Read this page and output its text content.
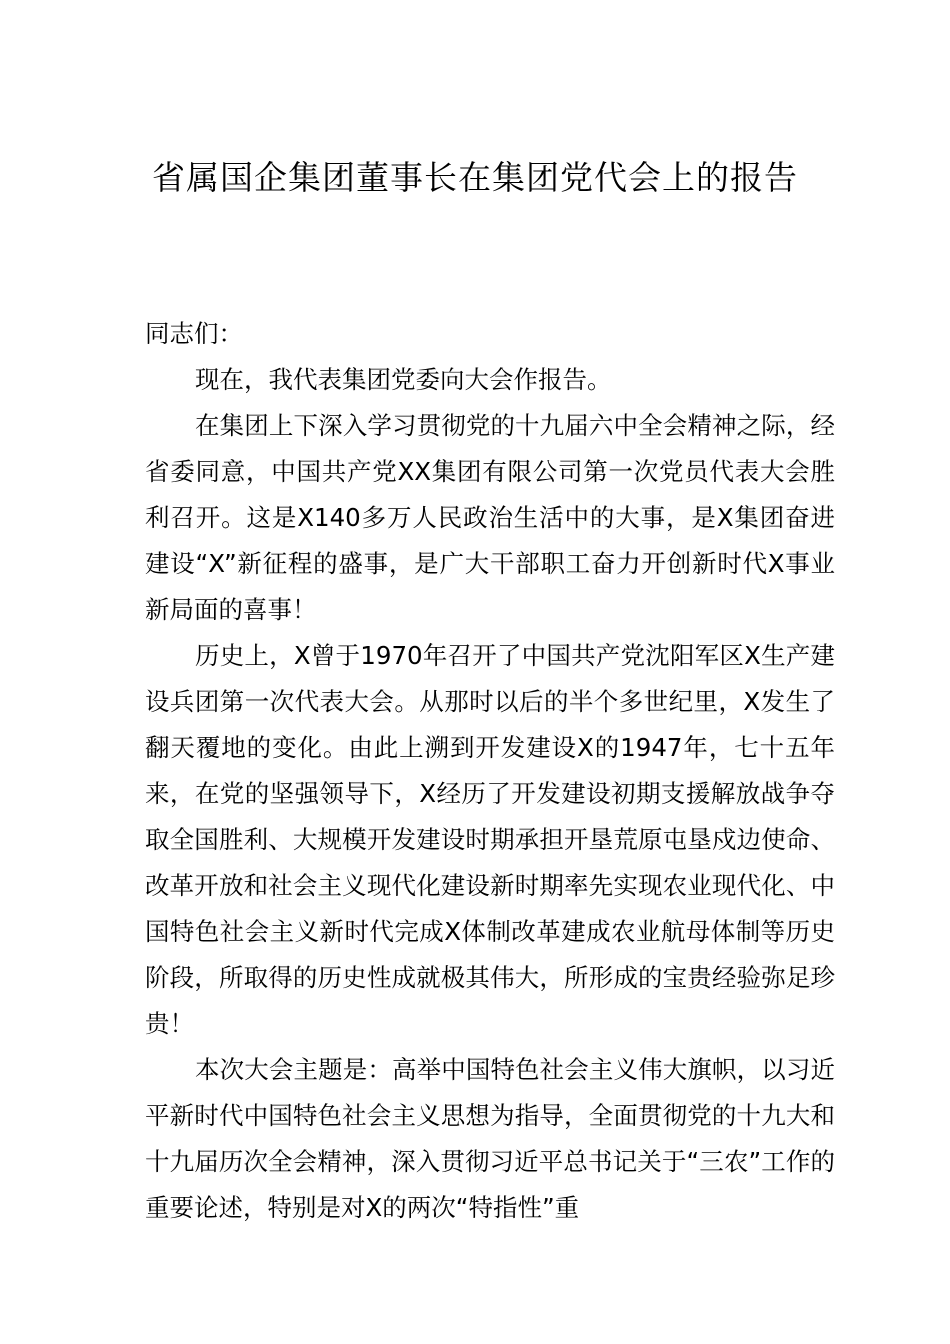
省属国企集团董事长在集团党代会上的报告

同志们：

现在，我代表集团党委向大会作报告。

在集团上下深入学习贯彻党的十九届六中全会精神之际，经省委同意，中国共产党XX集团有限公司第一次党员代表大会胜利召开。这是X140多万人民政治生活中的大事，是X集团奋进建设“X”新征程的盛事，是广大干部职工奋力开创新时代X事业新局面的喜事！

历史上，X曾于1970年召开了中国共产党沈阳军区X生产建设兵团第一次代表大会。从那时以后的半个多世纪里，X发生了翻天覆地的变化。由此上溯到开发建设X的1947年，七十五年来，在党的坚强领导下，X经历了开发建设初期支援解放战争夺取全国胜利、大规模开发建设时期承担开垦荒原屯垦戍边使命、改革开放和社会主义现代化建设新时期率先实现农业现代化、中国特色社会主义新时代完成X体制改革建成农业航母体制等历史阶段，所取得的历史性成就极其伟大，所形成的宝贵经验弥足珍贵！

本次大会主题是：高举中国特色社会主义伟大旗帜，以习近平新时代中国特色社会主义思想为指导，全面贯彻党的十九大和十九届历次全会精神，深入贯彻习近平总书记关于“三农”工作的重要论述，特别是对X的两次“特指性”重
